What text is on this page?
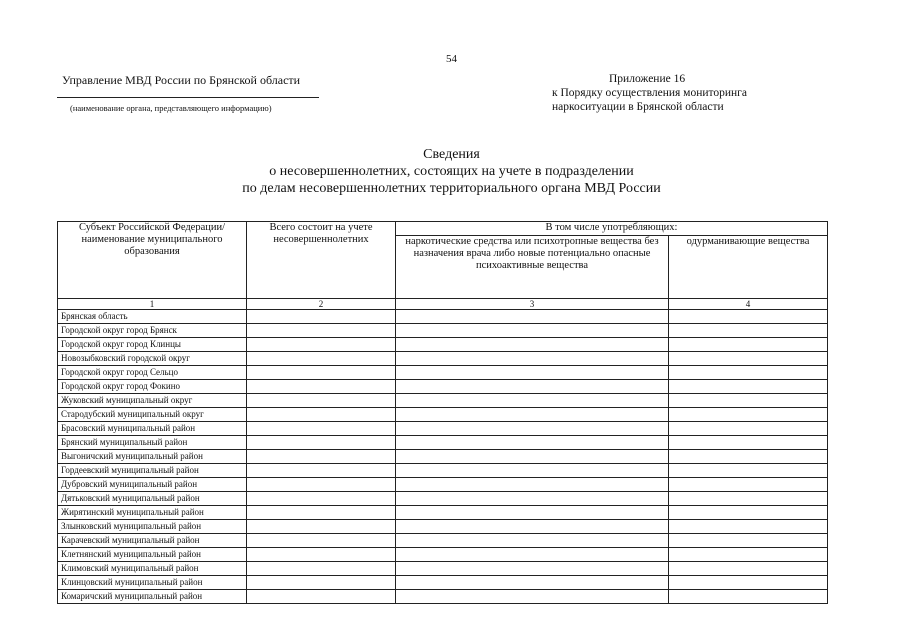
54
Управление МВД России по Брянской области
(наименование органа, представляющего информацию)
Приложение 16
к Порядку осуществления мониторинга
наркоситуации в Брянской области
Сведения
о несовершеннолетних, состоящих на учете в подразделении
по делам несовершеннолетних территориального органа МВД России
Субъект Российской Федерации/ наименование муниципального образования	Всего состоит на учете несовершеннолетних	В том числе употребляющих:	
		наркотические средства или психотропные вещества без назначения врача либо новые потенциально опасные психоактивные вещества	одурманивающие вещества
1	2	3	4
Брянская область			
Городской округ город Брянск			
Городской округ город Клинцы			
Новозыбковский городской округ			
Городской округ город Сельцо			
Городской округ город Фокино			
Жуковский муниципальный округ			
Стародубский муниципальный округ			
Брасовский муниципальный район			
Брянский муниципальный район			
Выгоничский муниципальный район			
Гордеевский муниципальный район			
Дубровский муниципальный район			
Дятьковский муниципальный район			
Жирятинский муниципальный район			
Злынковский муниципальный район			
Карачевский муниципальный район			
Клетнянский муниципальный район			
Климовский муниципальный район			
Клинцовский муниципальный район			
Комаричский муниципальный район			
